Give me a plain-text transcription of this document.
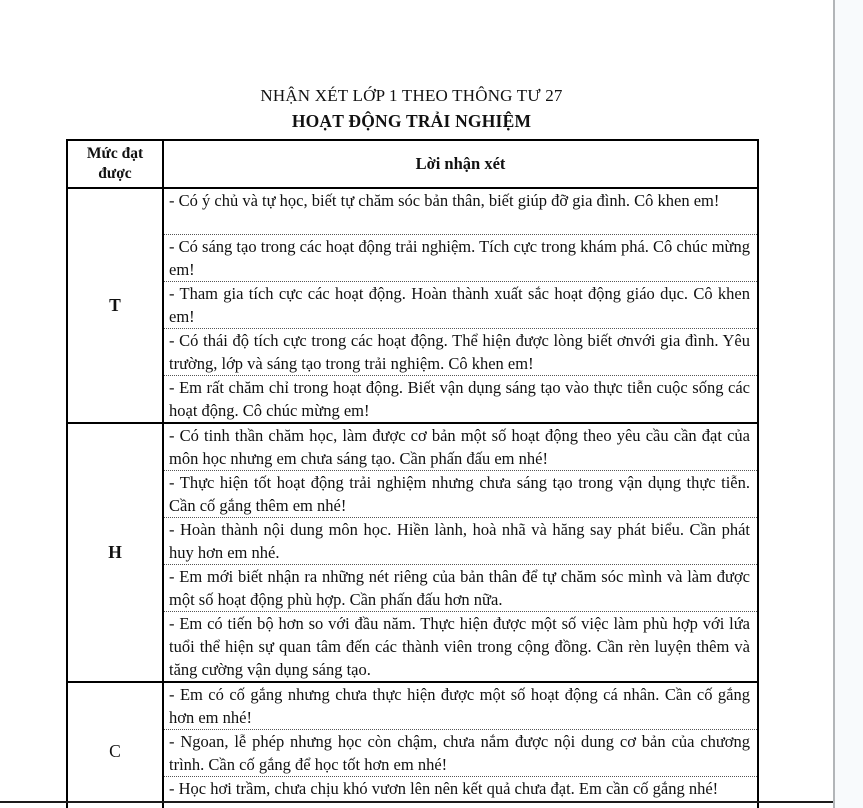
NHẬN XÉT LỚP 1 THEO THÔNG TƯ 27
HOẠT ĐỘNG TRẢI NGHIỆM
Mức đạt được	Lời nhận xét
T	- Có ý chủ và tự học, biết tự chăm sóc bản thân, biết giúp đỡ gia đình. Cô khen em!
	- Có sáng tạo trong các hoạt động trải nghiệm. Tích cực trong khám phá. Cô chúc mừng em!
	- Tham gia tích cực các hoạt động. Hoàn thành xuất sắc hoạt động giáo dục. Cô khen em!
	- Có thái độ tích cực trong các hoạt động. Thể hiện được lòng biết ơnvới gia đình. Yêu trường, lớp và sáng tạo trong trải nghiệm. Cô khen em!
	- Em rất chăm chỉ trong hoạt động. Biết vận dụng sáng tạo vào thực tiễn cuộc sống các hoạt động. Cô chúc mừng em!
H	- Có tinh thần chăm học, làm được cơ bản một số hoạt động theo yêu cầu cần đạt của môn học nhưng em chưa sáng tạo. Cần phấn đấu em nhé!
	- Thực hiện tốt hoạt động trải nghiệm nhưng chưa sáng tạo trong vận dụng thực tiễn. Cần cố gắng thêm em nhé!
	- Hoàn thành nội dung môn học. Hiền lành, hoà nhã và hăng say phát biểu. Cần phát huy hơn em nhé.
	- Em mới biết nhận ra những nét riêng của bản thân để tự chăm sóc mình và làm được một số hoạt động phù hợp. Cần phấn đấu hơn nữa.
	- Em có tiến bộ hơn so với đầu năm. Thực hiện được một số việc làm phù hợp với lứa tuổi thể hiện sự quan tâm đến các thành viên trong cộng đồng. Cần rèn luyện thêm và tăng cường vận dụng sáng tạo.
C	- Em có cố gắng nhưng chưa thực hiện được một số hoạt động cá nhân. Cần cố gắng hơn em nhé!
	- Ngoan, lễ phép nhưng học còn chậm, chưa nắm được nội dung cơ bản của chương trình. Cần cố gắng để học tốt hơn em nhé!
	- Học hơi trầm, chưa chịu khó vươn lên nên kết quả chưa đạt. Em cần cố gắng nhé!
